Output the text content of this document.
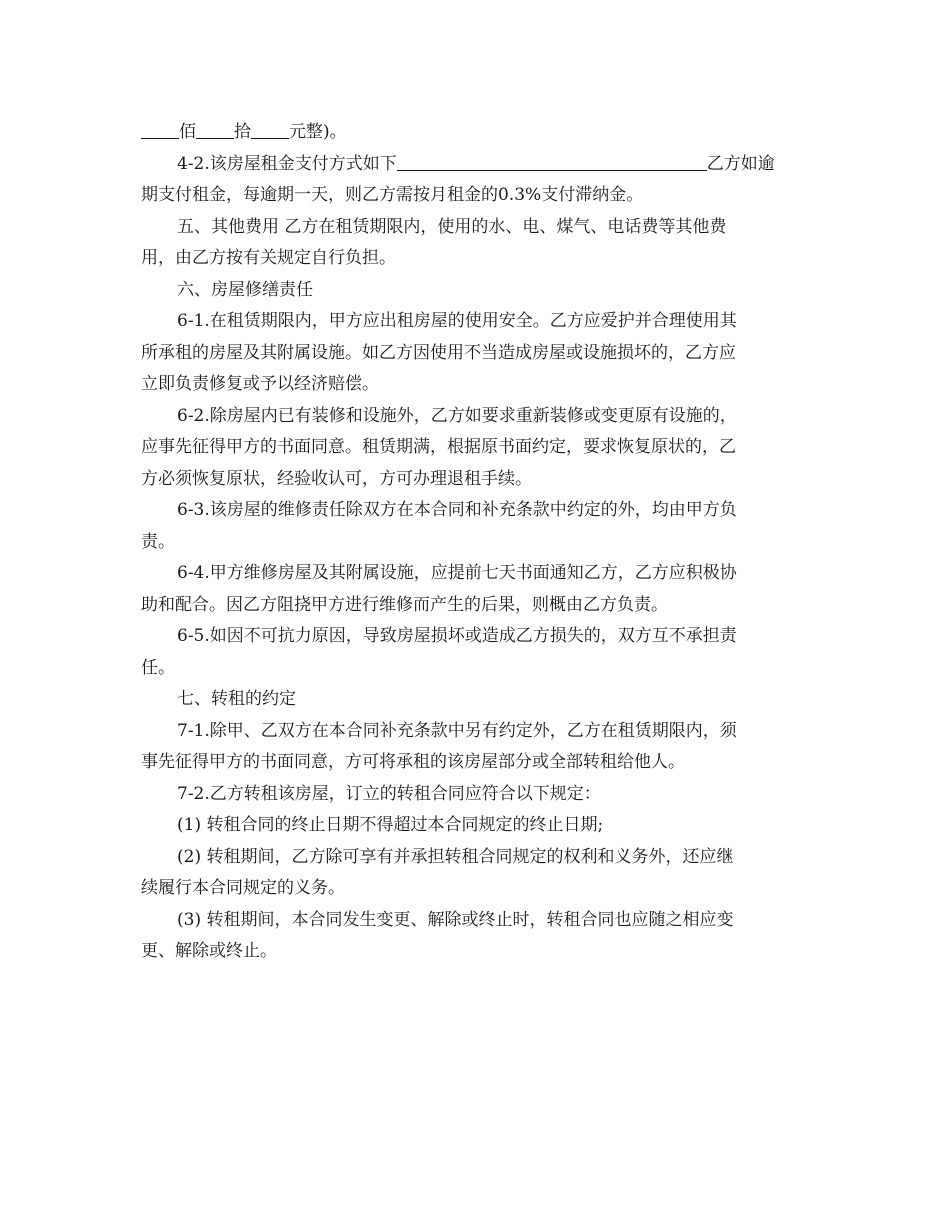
佰 拾 元整)。
4-2.该房屋租金支付方式如下	乙方如逾
期支付租金，每逾期一天，则乙方需按月租金的0.3%支付滞纳金。
五、其他费用 乙方在租赁期限内，使用的水、电、煤气、电话费等其他费
用，由乙方按有关规定自行负担。
六、房屋修缮责任
6-1.在租赁期限内，甲方应出租房屋的使用安全。乙方应爱护并合理使用其
所承租的房屋及其附属设施。如乙方因使用不当造成房屋或设施损坏的，乙方应
立即负责修复或予以经济赔偿。
6-2.除房屋内已有装修和设施外，乙方如要求重新装修或变更原有设施的，
应事先征得甲方的书面同意。租赁期满，根据原书面约定，要求恢复原状的，乙
方必须恢复原状，经验收认可，方可办理退租手续。
6-3.该房屋的维修责任除双方在本合同和补充条款中约定的外，均由甲方负
责。
6-4.甲方维修房屋及其附属设施，应提前七天书面通知乙方，乙方应积极协
助和配合。因乙方阻挠甲方进行维修而产生的后果，则概由乙方负责。
6-5.如因不可抗力原因，导致房屋损坏或造成乙方损失的，双方互不承担责
任。
七、转租的约定
7-1.除甲、乙双方在本合同补充条款中另有约定外，乙方在租赁期限内，须
事先征得甲方的书面同意，方可将承租的该房屋部分或全部转租给他人。
7-2.乙方转租该房屋，订立的转租合同应符合以下规定：
(1) 转租合同的终止日期不得超过本合同规定的终止日期;
(2) 转租期间，乙方除可享有并承担转租合同规定的权利和义务外，还应继
续履行本合同规定的义务。
(3) 转租期间，本合同发生变更、解除或终止时，转租合同也应随之相应变
更、解除或终止。
